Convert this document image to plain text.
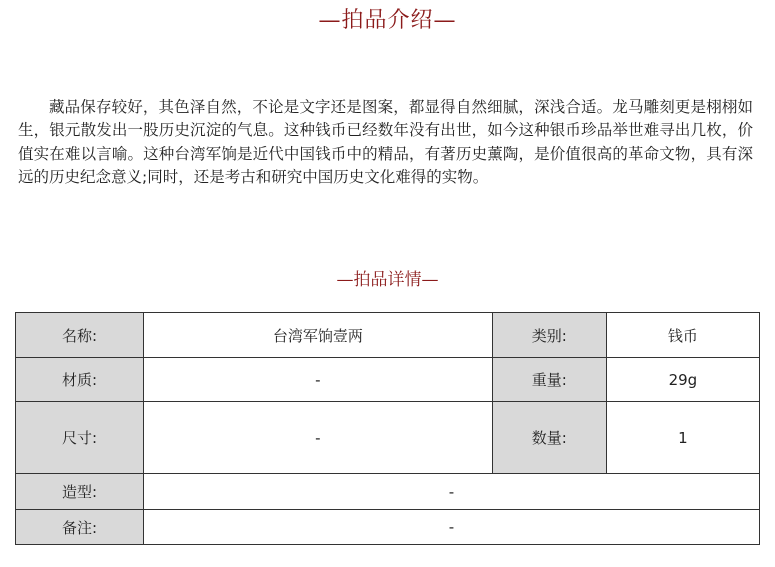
—拍品介绍—
藏品保存较好，其色泽自然，不论是文字还是图案，都显得自然细腻，深浅合适。龙马雕刻更是栩栩如生，银元散发出一股历史沉淀的气息。这种钱币已经数年没有出世，如今这种银币珍品举世难寻出几枚，价值实在难以言喻。这种台湾军饷是近代中国钱币中的精品，有著历史薰陶，是价值很高的革命文物，具有深远的历史纪念意义;同时，还是考古和研究中国历史文化难得的实物。
—拍品详情—
名称:	台湾军饷壹两	类别:	钱币
材质:	-	重量:	29g
尺寸:	-	数量:	1
造型:	-		
备注:	-		
